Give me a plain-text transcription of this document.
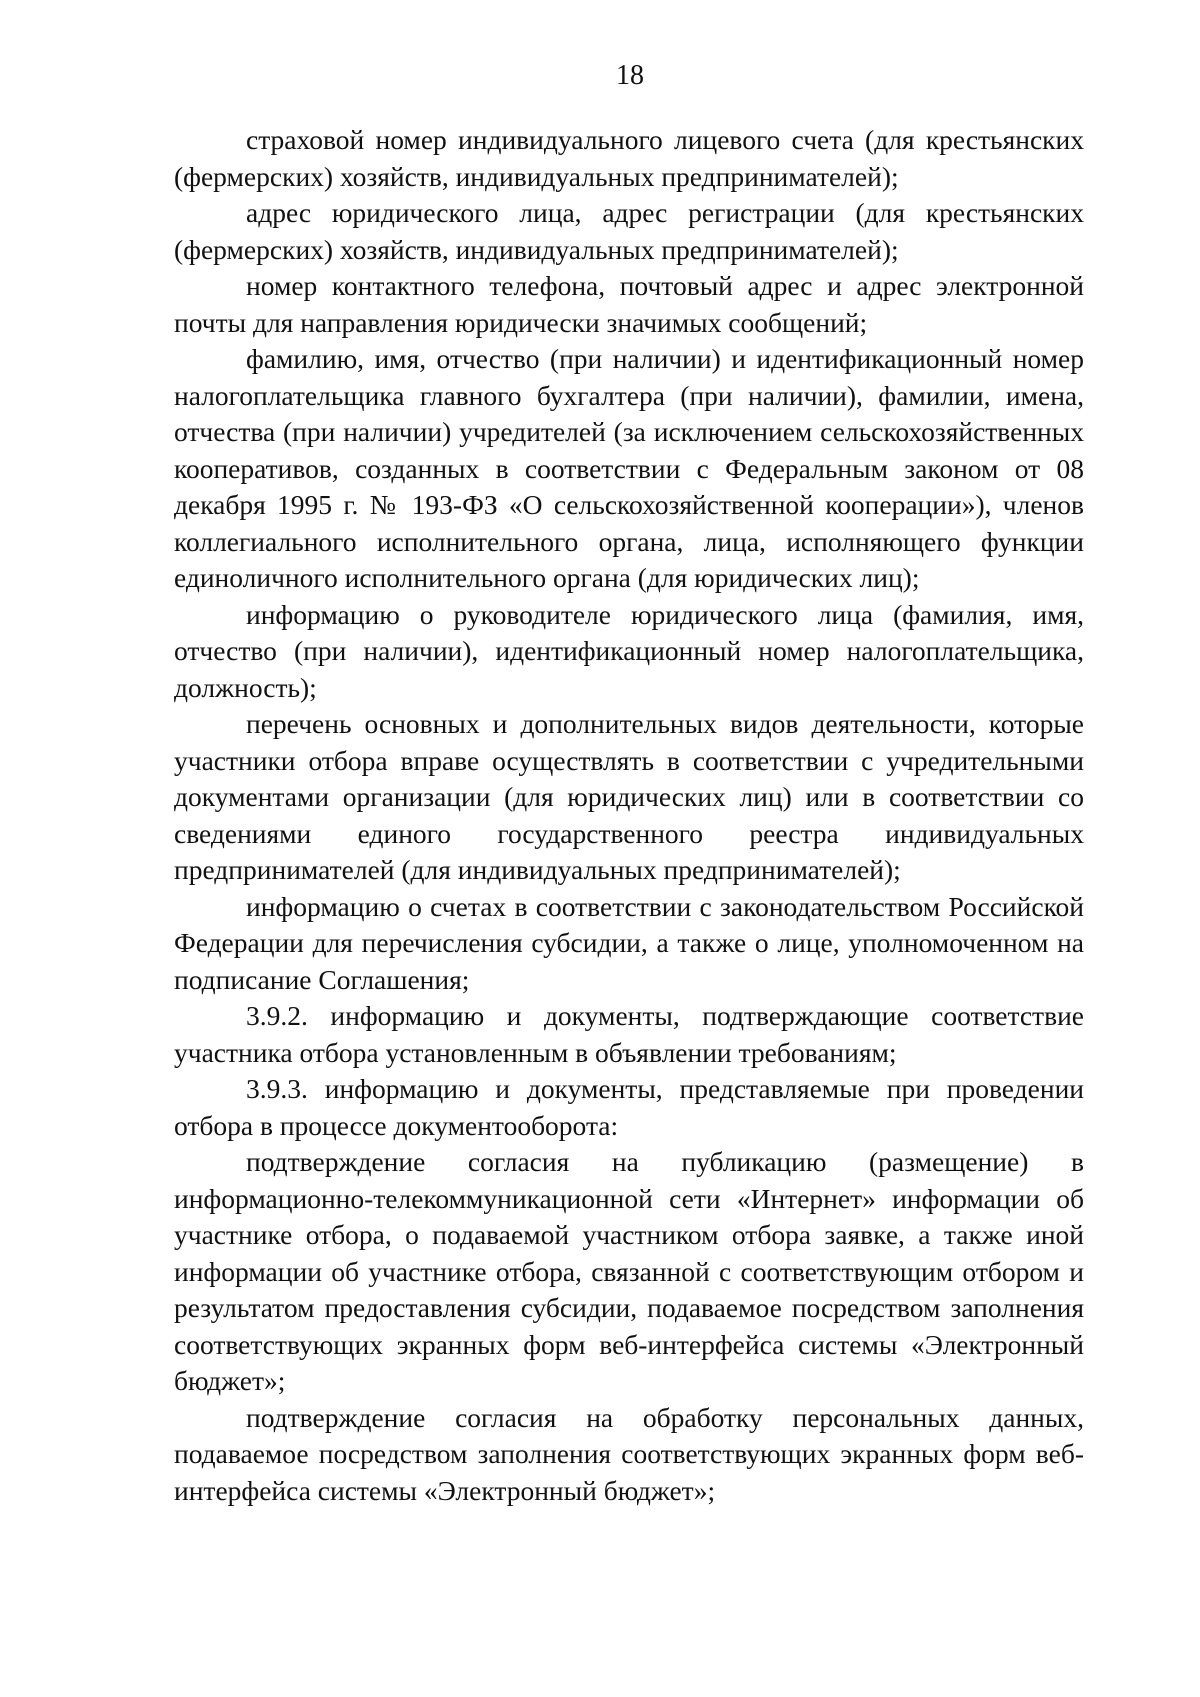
18

страховой номер индивидуального лицевого счета (для крестьянских (фермерских) хозяйств, индивидуальных предпринимателей);

адрес юридического лица, адрес регистрации (для крестьянских (фермерских) хозяйств, индивидуальных предпринимателей);

номер контактного телефона, почтовый адрес и адрес электронной почты для направления юридически значимых сообщений;

фамилию, имя, отчество (при наличии) и идентификационный номер налогоплательщика главного бухгалтера (при наличии), фамилии, имена, отчества (при наличии) учредителей (за исключением сельскохозяйственных кооперативов, созданных в соответствии с Федеральным законом от 08 декабря 1995 г. № 193-ФЗ «О сельскохозяйственной кооперации»), членов коллегиального исполнительного органа, лица, исполняющего функции единоличного исполнительного органа (для юридических лиц);

информацию о руководителе юридического лица (фамилия, имя, отчество (при наличии), идентификационный номер налогоплательщика, должность);

перечень основных и дополнительных видов деятельности, которые участники отбора вправе осуществлять в соответствии с учредительными документами организации (для юридических лиц) или в соответствии со сведениями единого государственного реестра индивидуальных предпринимателей (для индивидуальных предпринимателей);

информацию о счетах в соответствии с законодательством Российской Федерации для перечисления субсидии, а также о лице, уполномоченном на подписание Соглашения;

3.9.2. информацию и документы, подтверждающие соответствие участника отбора установленным в объявлении требованиям;

3.9.3. информацию и документы, представляемые при проведении отбора в процессе документооборота:

подтверждение согласия на публикацию (размещение) в информационно-телекоммуникационной сети «Интернет» информации об участнике отбора, о подаваемой участником отбора заявке, а также иной информации об участнике отбора, связанной с соответствующим отбором и результатом предоставления субсидии, подаваемое посредством заполнения соответствующих экранных форм веб-интерфейса системы «Электронный бюджет»;

подтверждение согласия на обработку персональных данных, подаваемое посредством заполнения соответствующих экранных форм веб-интерфейса системы «Электронный бюджет»;
